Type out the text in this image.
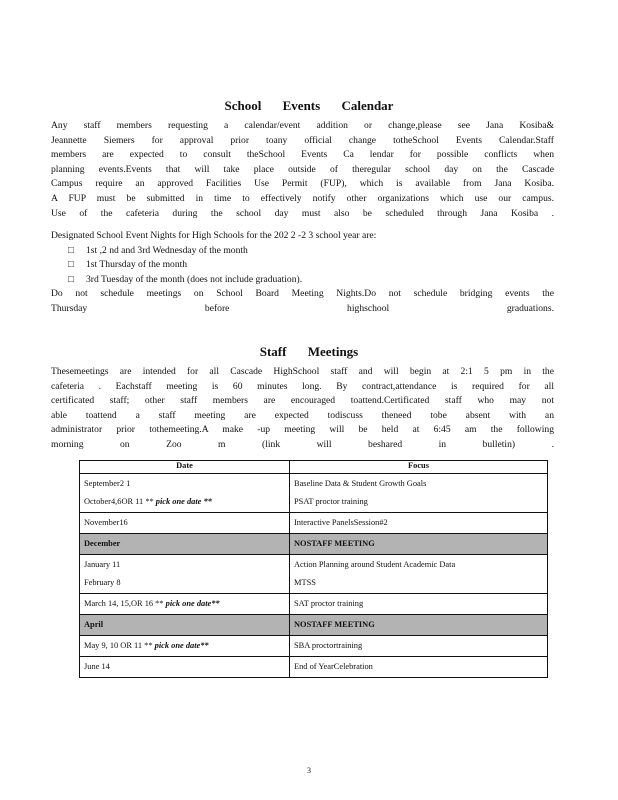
School Events Calendar

Any staff members requesting a calendar/event addition or change,please see Jana Kosiba&
Jeannette Siemers for approval prior toany official change totheSchool Events Calendar.Staff
members are expected to consult theSchool Events Ca lendar for possible conflicts when
planning events.Events that will take place outside of theregular school day on the Cascade
Campus require an approved Facilities Use Permit (FUP), which is available from Jana Kosiba.
A FUP must be submitted in time to effectively notify other organizations which use our campus.
Use of the cafeteria during the school day must also be scheduled through Jana Kosiba .

Designated School Event Nights for High Schools for the 202 2 -2 3 school year are:

□	1st ,2 nd and 3rd Wednesday of the month
□	1st Thursday of the month
□	3rd Tuesday of the month (does not include graduation).

Do not schedule meetings on School Board Meeting Nights.Do not schedule bridging events the
Thursday before highschool graduations.

Staff Meetings

Thesemeetings are intended for all Cascade HighSchool staff and will begin at 2:1 5 pm in the
cafeteria . Eachstaff meeting is 60 minutes long. By contract,attendance is required for all
certificated staff; other staff members are encouraged toattend.Certificated staff who may not
able toattend a staff meeting are expected todiscuss theneed tobe absent with an
administrator prior tothemeeting.A make -up meeting will be held at 6:45 am the following
morning on Zoo m (link will beshared in bulletin) .

Date	Focus

September2 1
October4,6OR 11 ** pick one date **	Baseline Data & Student Growth Goals
PSAT proctor training

November16	Interactive PanelsSession#2

December	NOSTAFF MEETING

January 11
February 8	Action Planning around Student Academic Data
MTSS

March 14, 15,OR 16 ** pick one date**	SAT proctor training

April	NOSTAFF MEETING

May 9, 10 OR 11 ** pick one date**	SBA proctortraining

June 14	End of YearCelebration
3
